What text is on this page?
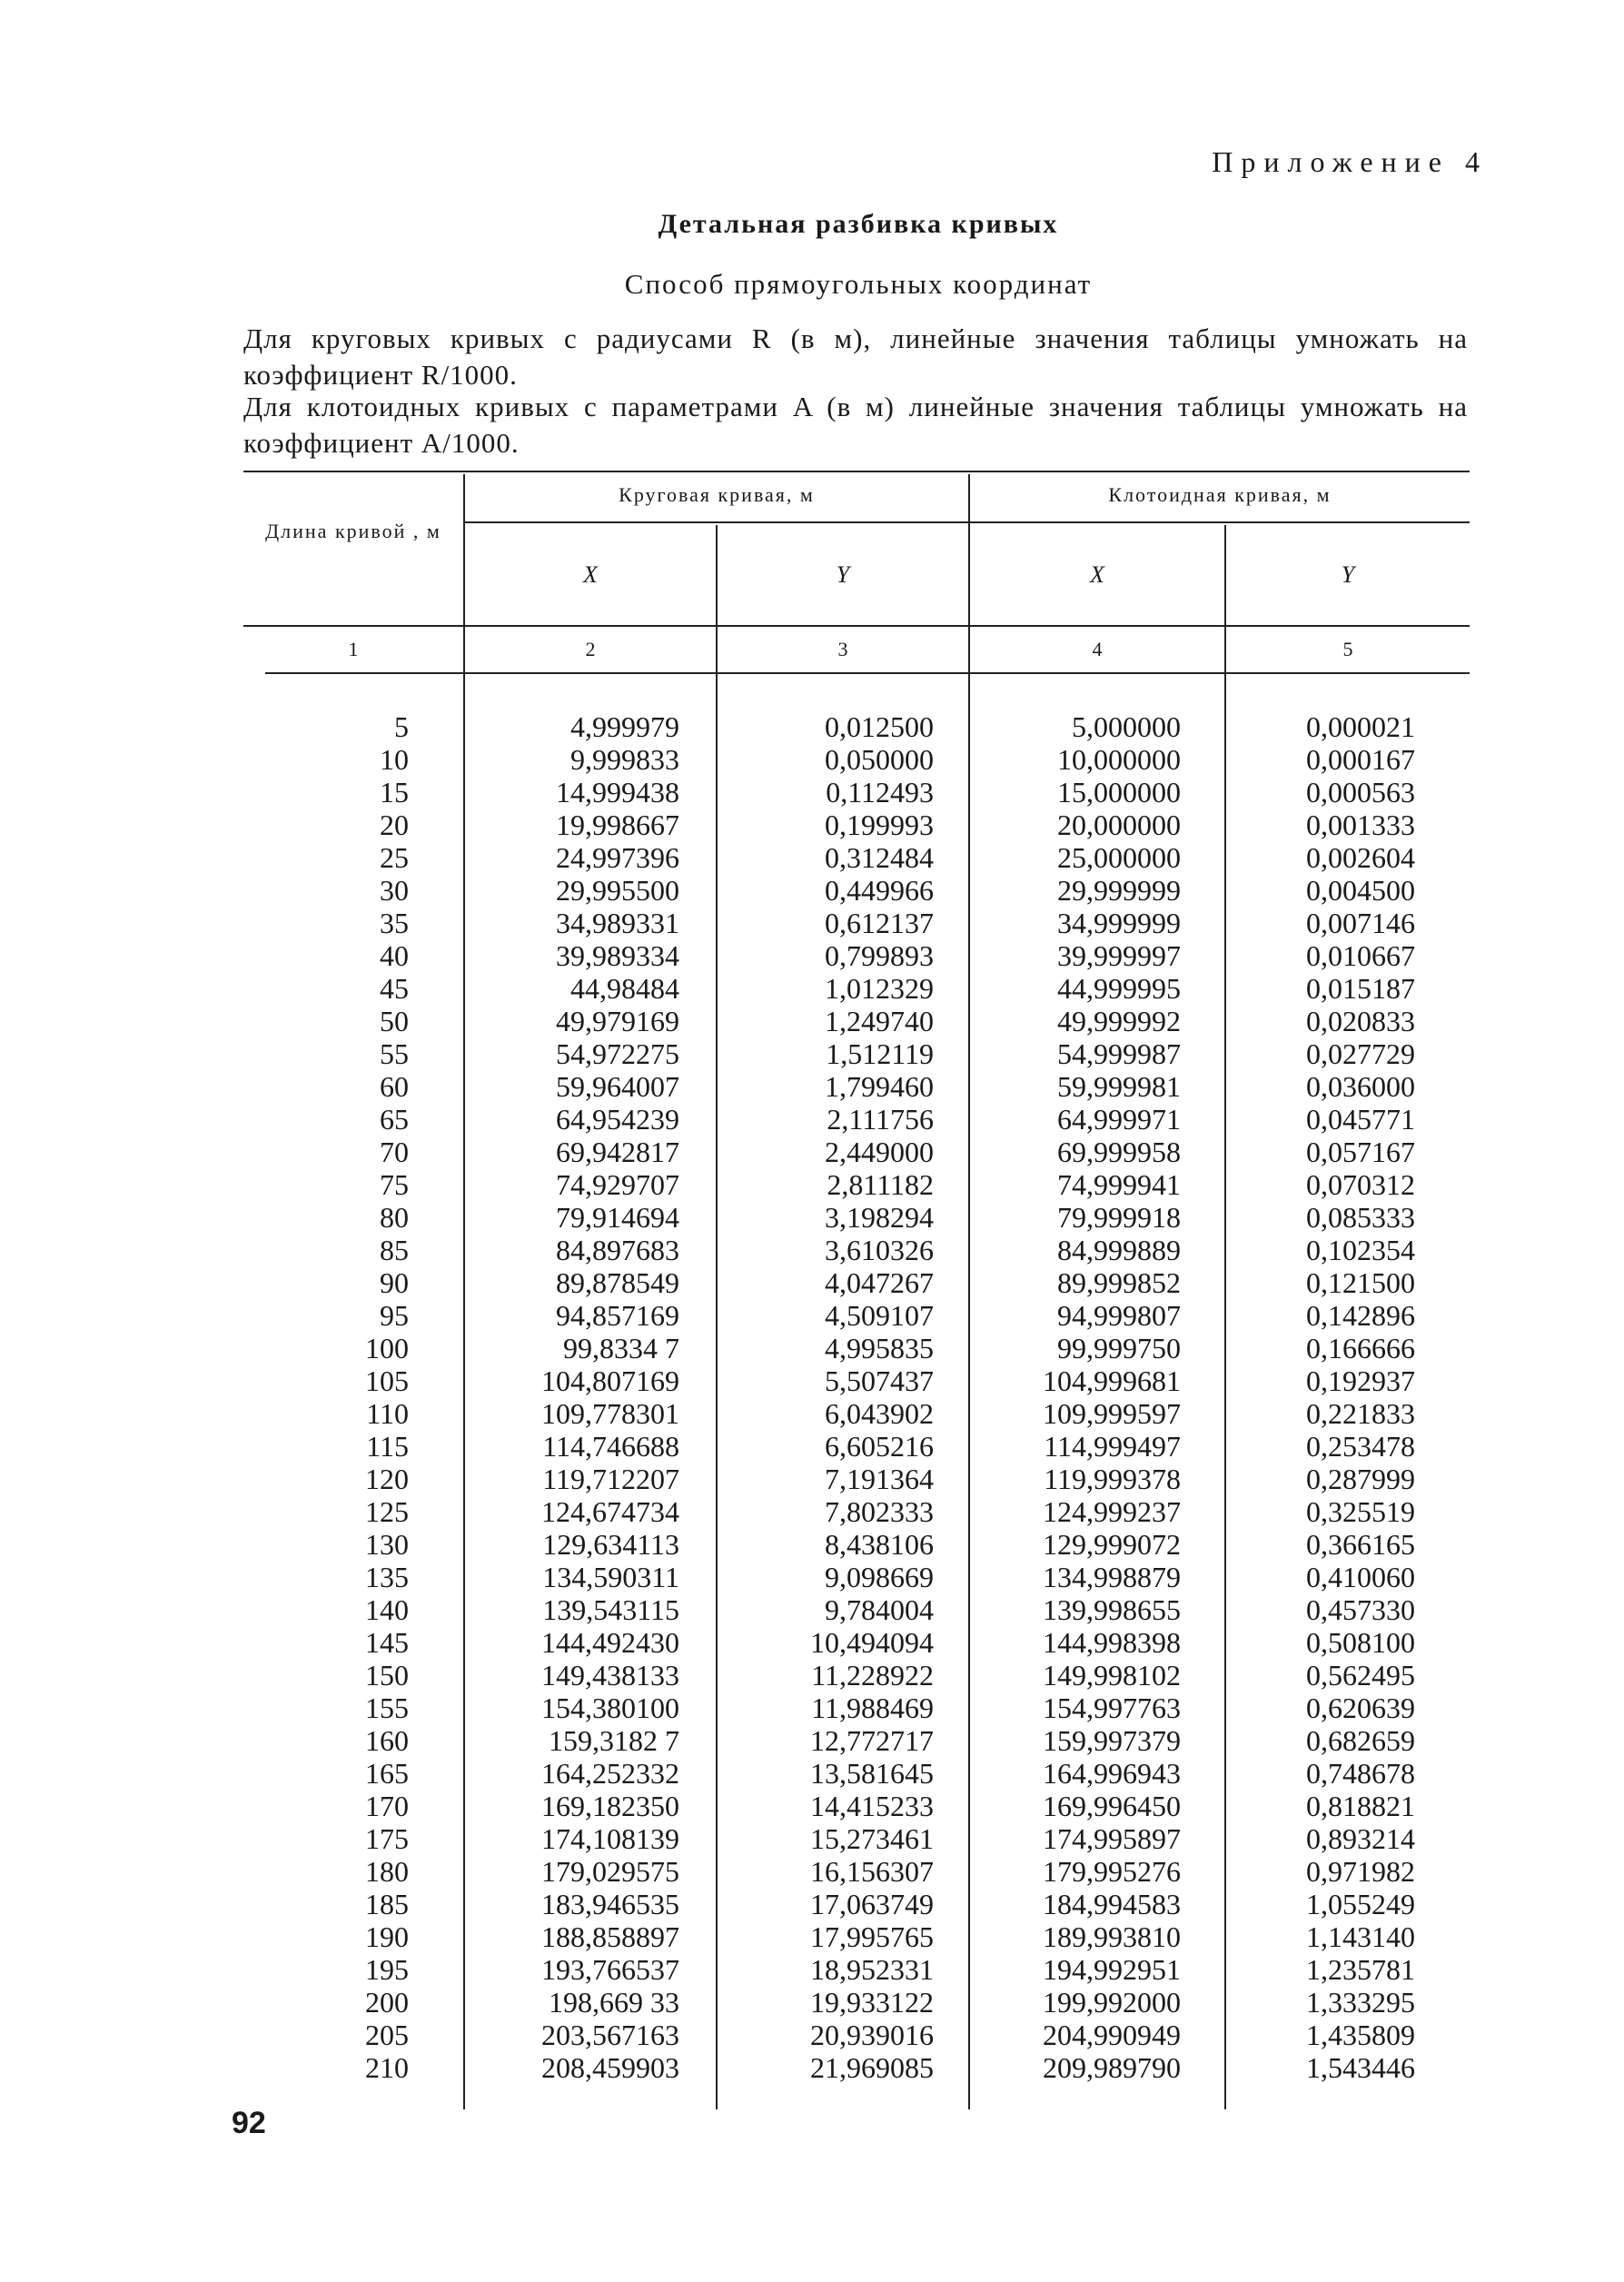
Приложение 4
Детальная разбивка кривых
Способ прямоугольных координат
Для круговых кривых с радиусами R (в м), линейные значения таблицы умножать на коэффициент R/1000.
Для клотоидных кривых с параметрами A (в м) линейные значения таблицы умножать на коэффициент A/1000.
Длина кривой , м
Круговая кривая, м	Клотоидная кривая, м
X	Y	X	Y
1	2	3	4	5
5	4,999979	0,012500	5,000000	0,000021
10	9,999833	0,050000	10,000000	0,000167
15	14,999438	0,112493	15,000000	0,000563
20	19,998667	0,199993	20,000000	0,001333
25	24,997396	0,312484	25,000000	0,002604
30	29,995500	0,449966	29,999999	0,004500
35	34,989331	0,612137	34,999999	0,007146
40	39,989334	0,799893	39,999997	0,010667
45	44,98484	1,012329	44,999995	0,015187
50	49,979169	1,249740	49,999992	0,020833
55	54,972275	1,512119	54,999987	0,027729
60	59,964007	1,799460	59,999981	0,036000
65	64,954239	2,111756	64,999971	0,045771
70	69,942817	2,449000	69,999958	0,057167
75	74,929707	2,811182	74,999941	0,070312
80	79,914694	3,198294	79,999918	0,085333
85	84,897683	3,610326	84,999889	0,102354
90	89,878549	4,047267	89,999852	0,121500
95	94,857169	4,509107	94,999807	0,142896
100	99,8334 7	4,995835	99,999750	0,166666
105	104,807169	5,507437	104,999681	0,192937
110	109,778301	6,043902	109,999597	0,221833
115	114,746688	6,605216	114,999497	0,253478
120	119,712207	7,191364	119,999378	0,287999
125	124,674734	7,802333	124,999237	0,325519
130	129,634113	8,438106	129,999072	0,366165
135	134,590311	9,098669	134,998879	0,410060
140	139,543115	9,784004	139,998655	0,457330
145	144,492430	10,494094	144,998398	0,508100
150	149,438133	11,228922	149,998102	0,562495
155	154,380100	11,988469	154,997763	0,620639
160	159,3182 7	12,772717	159,997379	0,682659
165	164,252332	13,581645	164,996943	0,748678
170	169,182350	14,415233	169,996450	0,818821
175	174,108139	15,273461	174,995897	0,893214
180	179,029575	16,156307	179,995276	0,971982
185	183,946535	17,063749	184,994583	1,055249
190	188,858897	17,995765	189,993810	1,143140
195	193,766537	18,952331	194,992951	1,235781
200	198,669 33	19,933122	199,992000	1,333295
205	203,567163	20,939016	204,990949	1,435809
210	208,459903	21,969085	209,989790	1,543446
92
